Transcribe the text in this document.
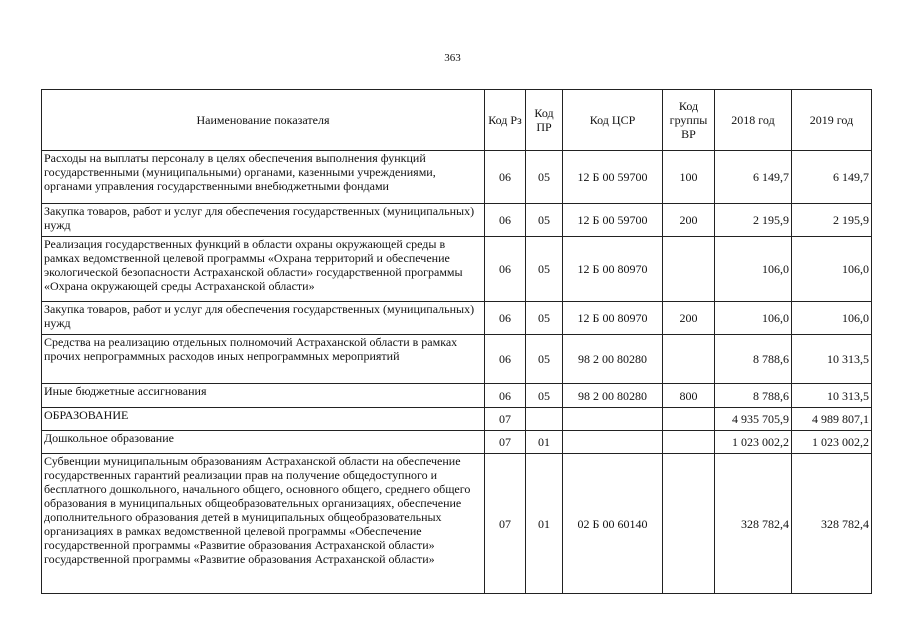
363
Наименование показателя	Код Рз	Код ПР	Код ЦСР	Код группы ВР	2018 год	2019 год
Расходы на выплаты персоналу в целях обеспечения выполнения функций государственными (муниципальными) органами, казенными учреждениями, органами управления государственными внебюджетными фондами	06	05	12 Б 00 59700	100	6 149,7	6 149,7
Закупка товаров, работ и услуг для обеспечения государственных (муниципальных) нужд	06	05	12 Б 00 59700	200	2 195,9	2 195,9
Реализация государственных функций в области охраны окружающей среды в рамках ведомственной целевой программы «Охрана территорий и обеспечение экологической безопасности Астраханской области» государственной программы «Охрана окружающей среды Астраханской области»	06	05	12 Б 00 80970		106,0	106,0
Закупка товаров, работ и услуг для обеспечения государственных (муниципальных) нужд	06	05	12 Б 00 80970	200	106,0	106,0
Средства на реализацию отдельных полномочий Астраханской области в рамках прочих непрограммных расходов иных непрограммных мероприятий	06	05	98 2 00 80280		8 788,6	10 313,5
Иные бюджетные ассигнования	06	05	98 2 00 80280	800	8 788,6	10 313,5
ОБРАЗОВАНИЕ	07				4 935 705,9	4 989 807,1
Дошкольное образование	07	01			1 023 002,2	1 023 002,2
Субвенции муниципальным образованиям Астраханской области на обеспечение государственных гарантий реализации прав на получение общедоступного и бесплатного дошкольного, начального общего, основного общего, среднего общего образования в муниципальных общеобразовательных организациях, обеспечение дополнительного образования детей в муниципальных общеобразовательных организациях в рамках ведомственной целевой программы «Обеспечение государственной программы «Развитие образования Астраханской области» государственной программы «Развитие образования Астраханской области»	07	01	02 Б 00 60140		328 782,4	328 782,4
